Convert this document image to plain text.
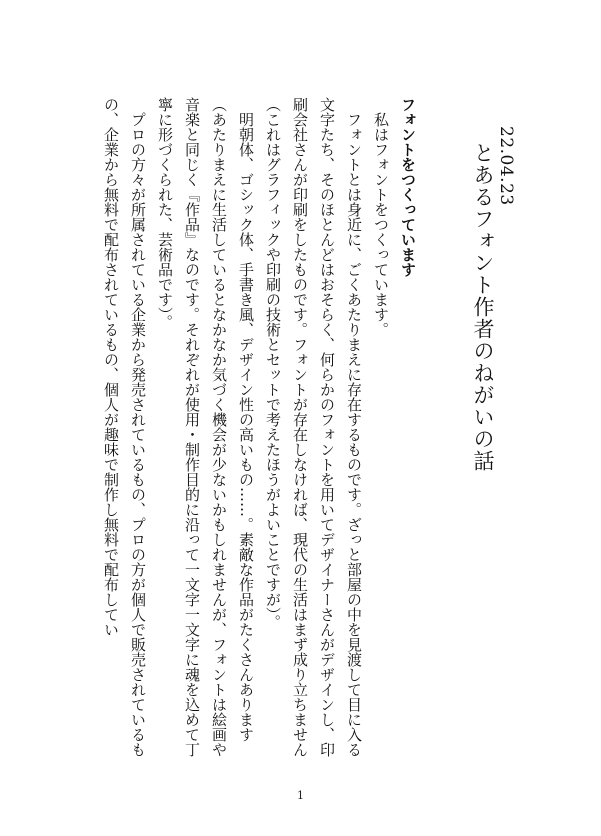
22.04.23
とあるフォント作者のねがいの話

フォントをつくっています

私はフォントをつくっています。

フォントとは身近に、ごくあたりまえに存在するものです。ざっと部屋の中を見渡して目に入る文字たち、そのほとんどはおそらく、何らかのフォントを用いてデザイナーさんがデザインし、印刷会社さんが印刷をしたものです。フォントが存在しなければ、現代の生活はまず成り立ちません（これはグラフィックや印刷の技術とセットで考えたほうがよいことですが）。

明朝体、ゴシック体、手書き風、デザイン性の高いもの……。素敵な作品がたくさんあります（あたりまえに生活しているとなかなか気づく機会が少ないかもしれませんが、フォントは絵画や音楽と同じく『作品』なのです。それぞれが使用・制作目的に沿って一文字一文字に魂を込めて丁寧に形づくられた、芸術品です）。

プロの方々が所属されている企業から発売されているもの、プロの方が個人で販売されているもの、企業から無料で配布されているもの、個人が趣味で制作し無料で配布してい

1
